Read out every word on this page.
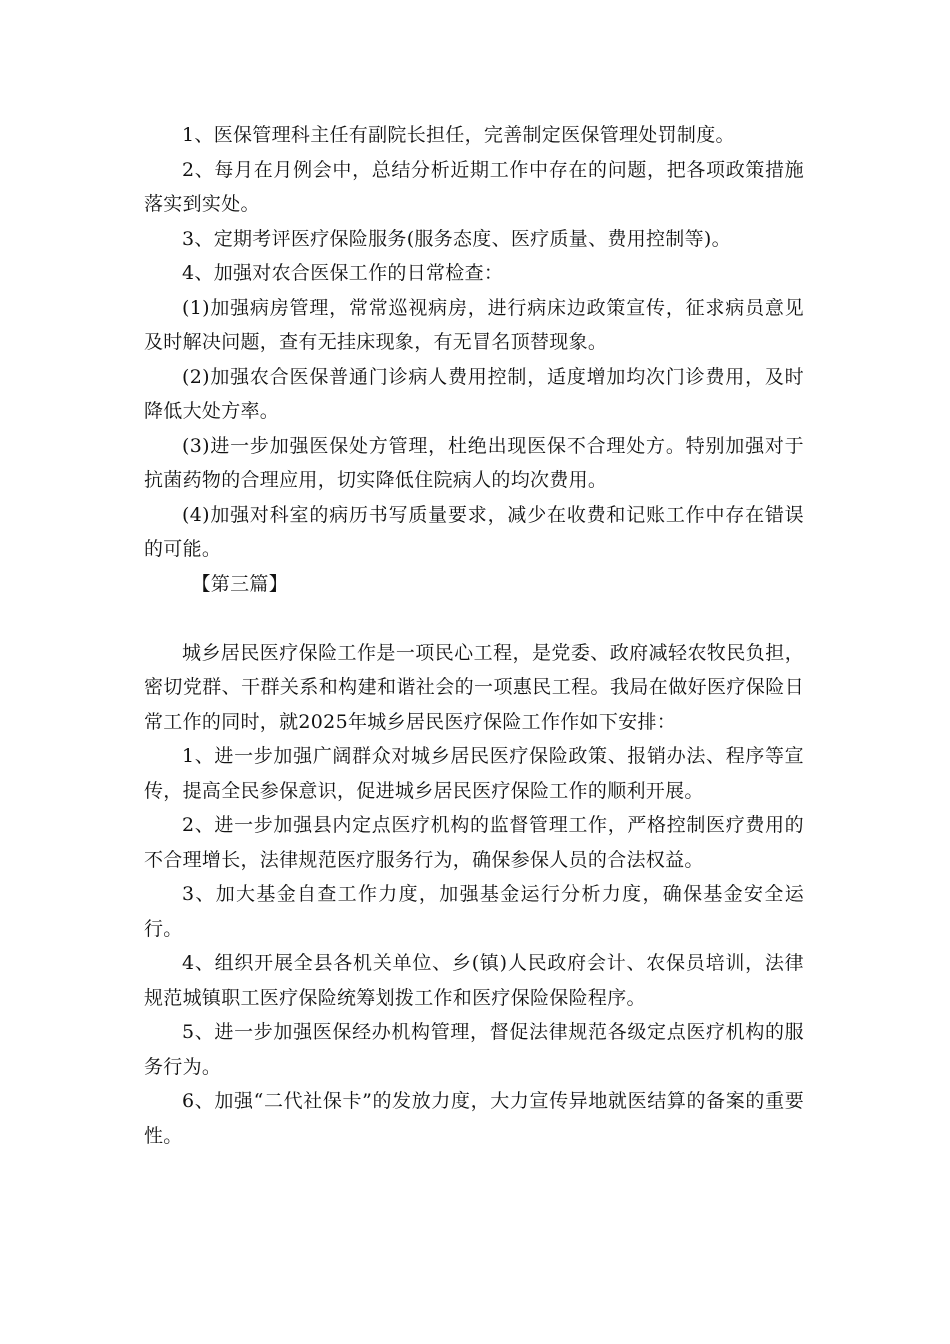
1、医保管理科主任有副院长担任，完善制定医保管理处罚制度。

2、每月在月例会中，总结分析近期工作中存在的问题，把各项政策措施落实到实处。

3、定期考评医疗保险服务(服务态度、医疗质量、费用控制等)。

4、加强对农合医保工作的日常检查：

(1)加强病房管理，常常巡视病房，进行病床边政策宣传，征求病员意见及时解决问题，查有无挂床现象，有无冒名顶替现象。

(2)加强农合医保普通门诊病人费用控制，适度增加均次门诊费用，及时降低大处方率。

(3)进一步加强医保处方管理，杜绝出现医保不合理处方。特别加强对于抗菌药物的合理应用，切实降低住院病人的均次费用。

(4)加强对科室的病历书写质量要求，减少在收费和记账工作中存在错误的可能。

【第三篇】

城乡居民医疗保险工作是一项民心工程，是党委、政府减轻农牧民负担，密切党群、干群关系和构建和谐社会的一项惠民工程。我局在做好医疗保险日常工作的同时，就2025年城乡居民医疗保险工作作如下安排：

1、进一步加强广阔群众对城乡居民医疗保险政策、报销办法、程序等宣传，提高全民参保意识，促进城乡居民医疗保险工作的顺利开展。

2、进一步加强县内定点医疗机构的监督管理工作，严格控制医疗费用的不合理增长，法律规范医疗服务行为，确保参保人员的合法权益。

3、加大基金自查工作力度，加强基金运行分析力度，确保基金安全运行。

4、组织开展全县各机关单位、乡(镇)人民政府会计、农保员培训，法律规范城镇职工医疗保险统筹划拨工作和医疗保险保险程序。

5、进一步加强医保经办机构管理，督促法律规范各级定点医疗机构的服务行为。

6、加强“二代社保卡”的发放力度，大力宣传异地就医结算的备案的重要性。
